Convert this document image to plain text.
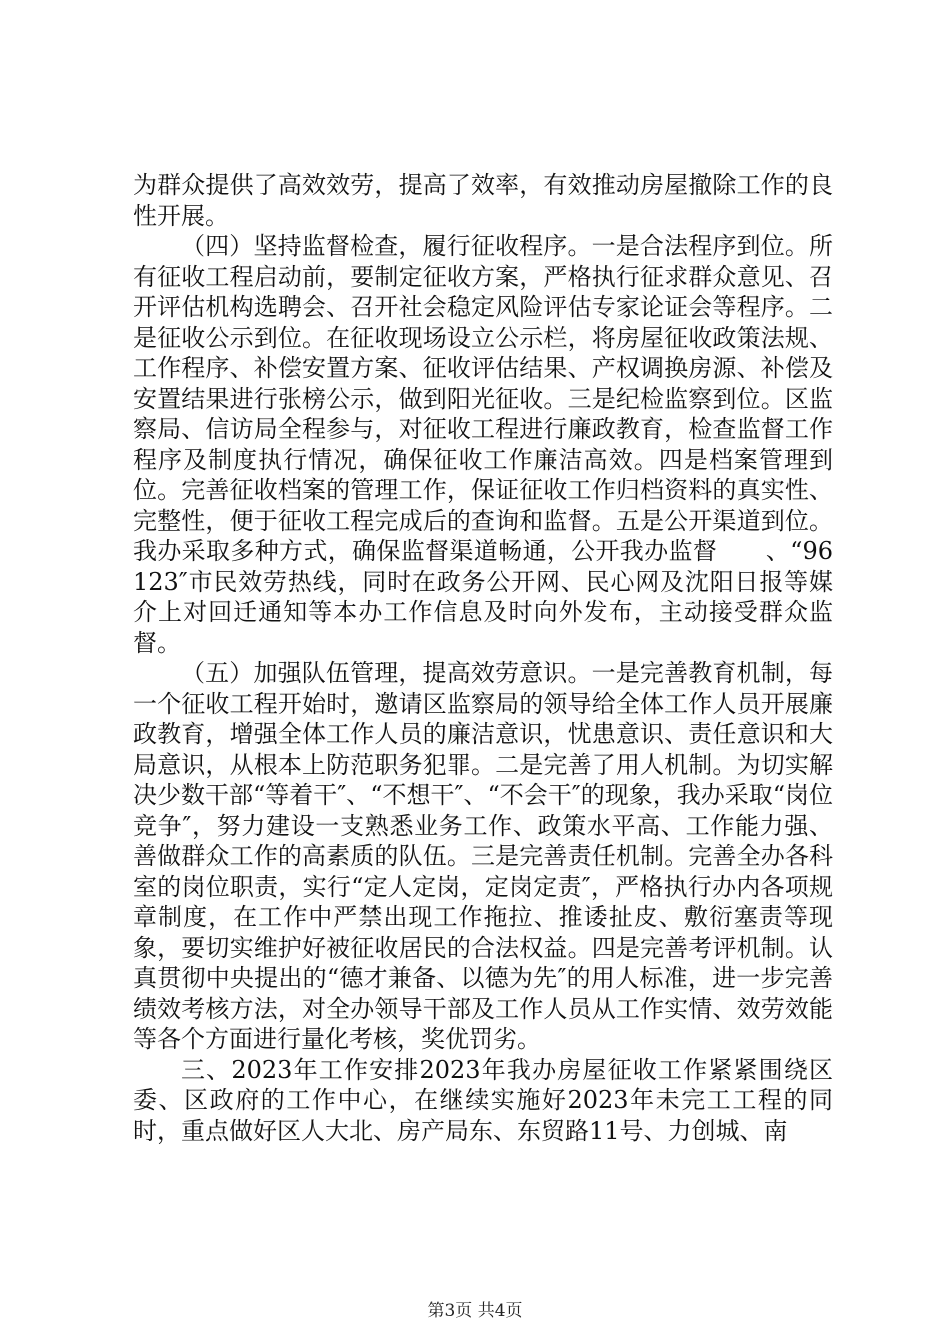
为群众提供了高效效劳，提高了效率，有效推动房屋撤除工作的良性开展。

（四）坚持监督检查，履行征收程序。一是合法程序到位。所有征收工程启动前，要制定征收方案，严格执行征求群众意见、召开评估机构选聘会、召开社会稳定风险评估专家论证会等程序。二是征收公示到位。在征收现场设立公示栏，将房屋征收政策法规、工作程序、补偿安置方案、征收评估结果、产权调换房源、补偿及安置结果进行张榜公示，做到阳光征收。三是纪检监察到位。区监察局、信访局全程参与，对征收工程进行廉政教育，检查监督工作程序及制度执行情况，确保征收工作廉洁高效。四是档案管理到位。完善征收档案的管理工作，保证征收工作归档资料的真实性、完整性，便于征收工程完成后的查询和监督。五是公开渠道到位。我办采取多种方式，确保监督渠道畅通，公开我办监督　　、“96123″市民效劳热线，同时在政务公开网、民心网及沈阳日报等媒介上对回迁通知等本办工作信息及时向外发布，主动接受群众监督。

（五）加强队伍管理，提高效劳意识。一是完善教育机制，每一个征收工程开始时，邀请区监察局的领导给全体工作人员开展廉政教育，增强全体工作人员的廉洁意识，忧患意识、责任意识和大局意识，从根本上防范职务犯罪。二是完善了用人机制。为切实解决少数干部“等着干″、“不想干″、“不会干″的现象，我办采取“岗位竞争″，努力建设一支熟悉业务工作、政策水平高、工作能力强、善做群众工作的高素质的队伍。三是完善责任机制。完善全办各科室的岗位职责，实行“定人定岗，定岗定责″，严格执行办内各项规章制度，在工作中严禁出现工作拖拉、推诿扯皮、敷衍塞责等现象，要切实维护好被征收居民的合法权益。四是完善考评机制。认真贯彻中央提出的“德才兼备、以德为先″的用人标准，进一步完善绩效考核方法，对全办领导干部及工作人员从工作实情、效劳效能等各个方面进行量化考核，奖优罚劣。

三、2023年工作安排2023年我办房屋征收工作紧紧围绕区委、区政府的工作中心，在继续实施好2023年未完工工程的同时，重点做好区人大北、房产局东、东贸路11号、力创城、南

第3页 共4页
